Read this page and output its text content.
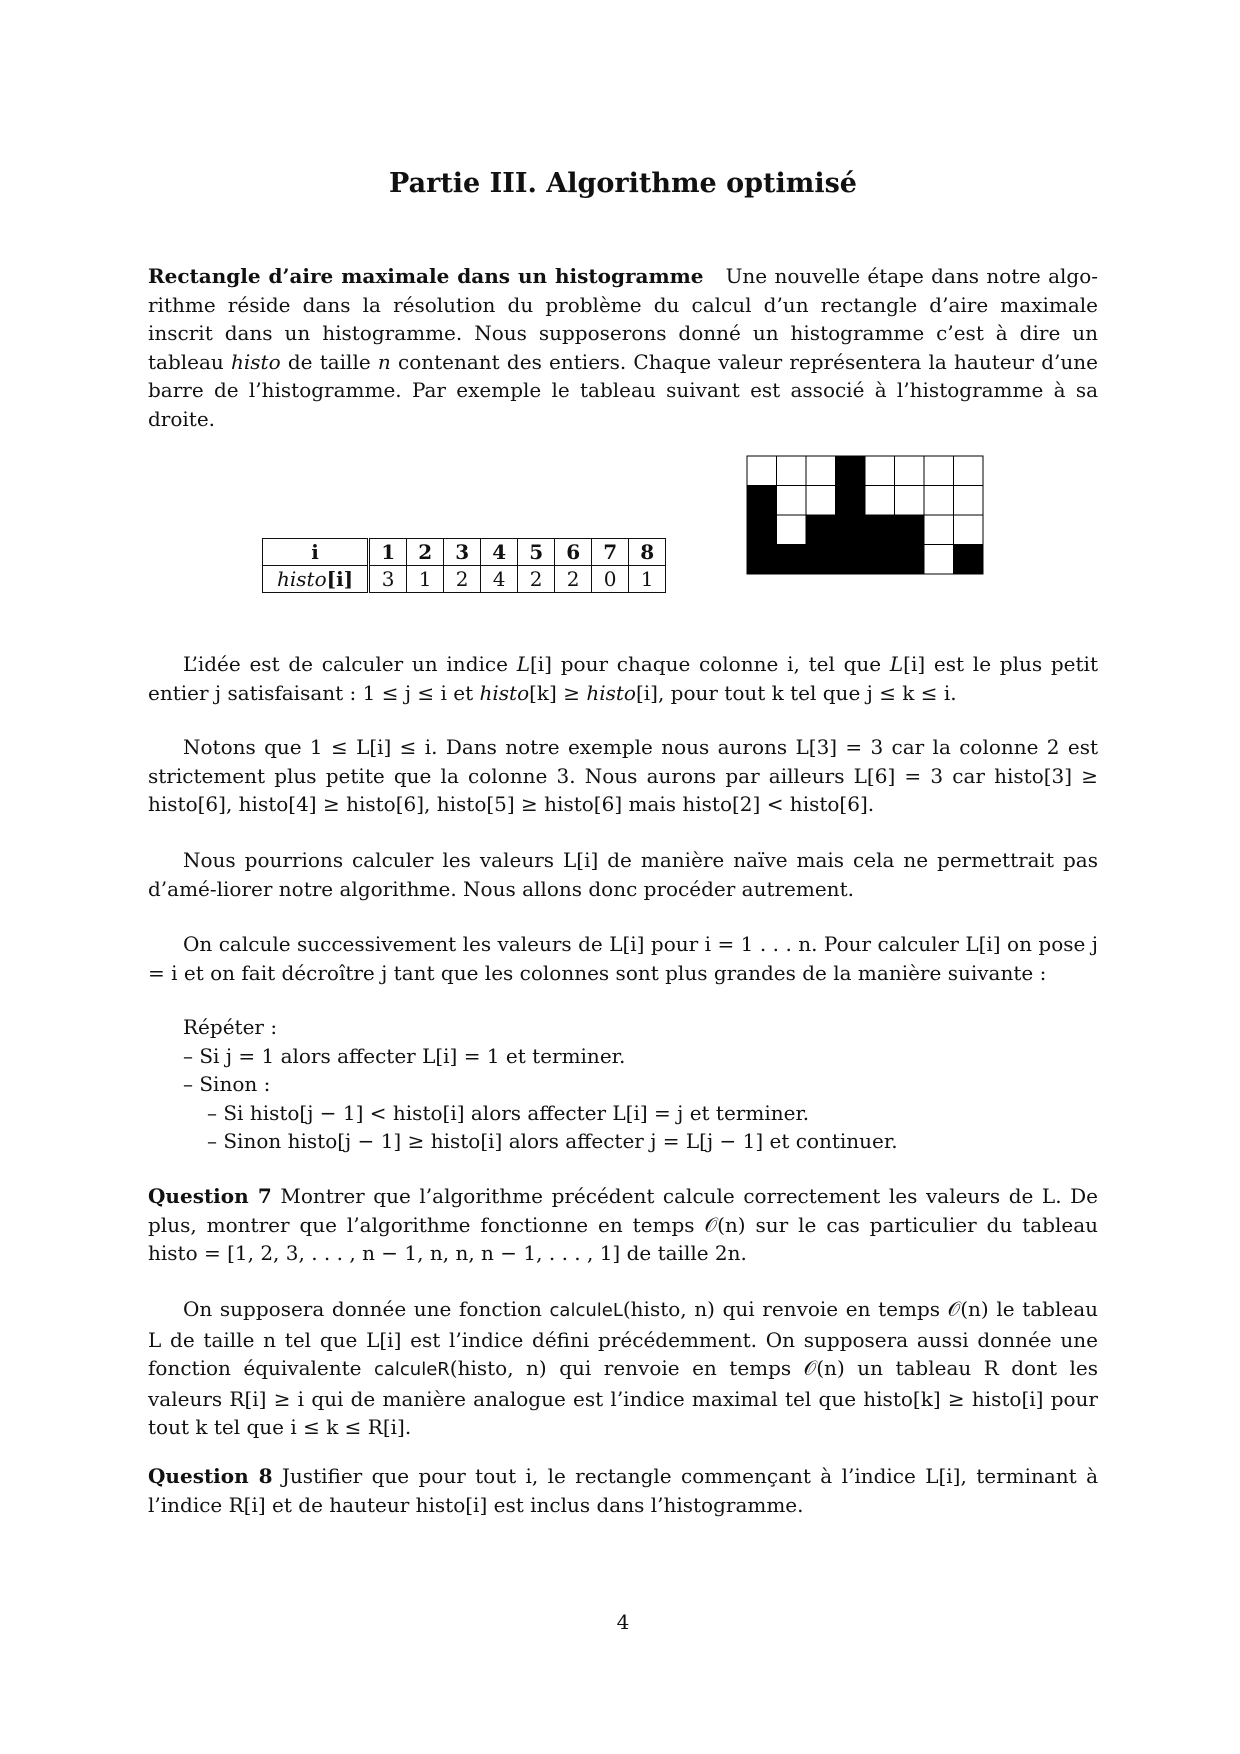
Partie III. Algorithme optimisé

Rectangle d’aire maximale dans un histogramme Une nouvelle étape dans notre algo-rithme réside dans la résolution du problème du calcul d’un rectangle d’aire maximale inscrit dans un histogramme. Nous supposerons donné un histogramme c’est à dire un tableau histo de taille n contenant des entiers. Chaque valeur représentera la hauteur d’une barre de l’histogramme. Par exemple le tableau suivant est associé à l’histogramme à sa droite.

i	1	2	3	4	5	6	7	8
histo[i]	3	1	2	4	2	2	0	1

L’idée est de calculer un indice L[i] pour chaque colonne i, tel que L[i] est le plus petit entier j satisfaisant : 1 ≤ j ≤ i et histo[k] ≥ histo[i], pour tout k tel que j ≤ k ≤ i.

Notons que 1 ≤ L[i] ≤ i. Dans notre exemple nous aurons L[3] = 3 car la colonne 2 est strictement plus petite que la colonne 3. Nous aurons par ailleurs L[6] = 3 car histo[3] ≥ histo[6], histo[4] ≥ histo[6], histo[5] ≥ histo[6] mais histo[2] < histo[6].

Nous pourrions calculer les valeurs L[i] de manière naïve mais cela ne permettrait pas d’amé-liorer notre algorithme. Nous allons donc procéder autrement.

On calcule successivement les valeurs de L[i] pour i = 1 . . . n. Pour calculer L[i] on pose j = i et on fait décroître j tant que les colonnes sont plus grandes de la manière suivante :

Répéter :
– Si j = 1 alors affecter L[i] = 1 et terminer.
– Sinon :
– Si histo[j − 1] < histo[i] alors affecter L[i] = j et terminer.
– Sinon histo[j − 1] ≥ histo[i] alors affecter j = L[j − 1] et continuer.

Question 7 Montrer que l’algorithme précédent calcule correctement les valeurs de L. De plus, montrer que l’algorithme fonctionne en temps 𝒪(n) sur le cas particulier du tableau histo = [1, 2, 3, . . . , n − 1, n, n, n − 1, . . . , 1] de taille 2n.

On supposera donnée une fonction calculeL(histo, n) qui renvoie en temps 𝒪(n) le tableau L de taille n tel que L[i] est l’indice défini précédemment. On supposera aussi donnée une fonction équivalente calculeR(histo, n) qui renvoie en temps 𝒪(n) un tableau R dont les valeurs R[i] ≥ i qui de manière analogue est l’indice maximal tel que histo[k] ≥ histo[i] pour tout k tel que i ≤ k ≤ R[i].

Question 8 Justifier que pour tout i, le rectangle commençant à l’indice L[i], terminant à l’indice R[i] et de hauteur histo[i] est inclus dans l’histogramme.

4
